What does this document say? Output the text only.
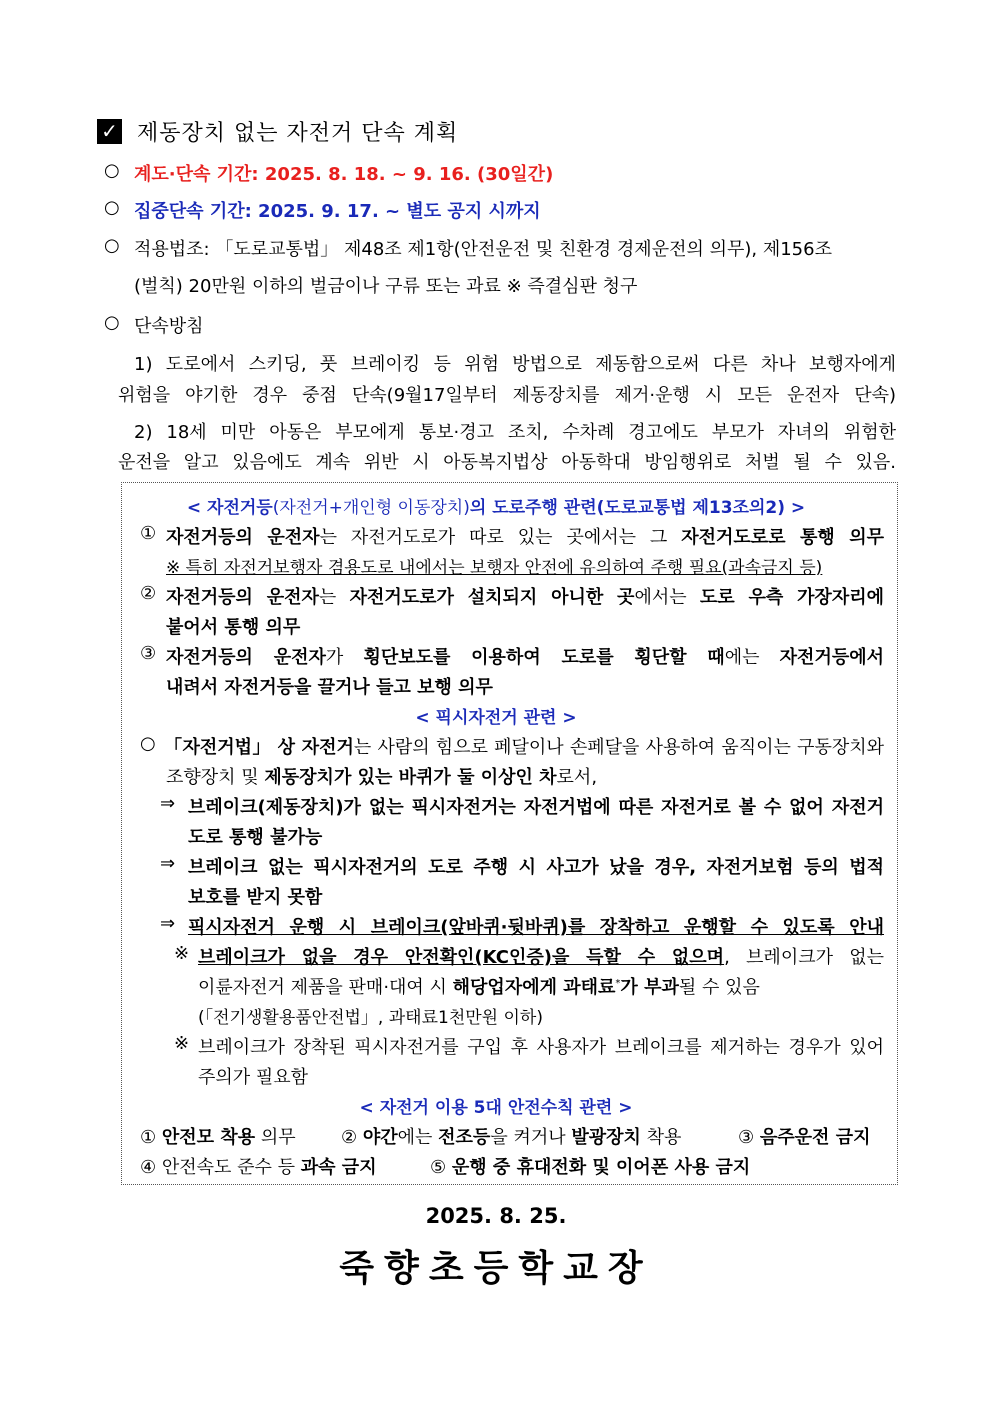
✓ 제동장치 없는 자전거 단속 계획
○ 계도·단속 기간: 2025. 8. 18. ~ 9. 16. (30일간)
○ 집중단속 기간: 2025. 9. 17. ~ 별도 공지 시까지
○ 적용법조: 「도로교통법」 제48조 제1항(안전운전 및 친환경 경제운전의 의무), 제156조
(벌칙) 20만원 이하의 벌금이나 구류 또는 과료 ※ 즉결심판 청구
○ 단속방침
1) 도로에서 스키딩, 풋 브레이킹 등 위험 방법으로 제동함으로써 다른 차나 보행자에게
위험을 야기한 경우 중점 단속(9월17일부터 제동장치를 제거·운행 시 모든 운전자 단속)
2) 18세 미만 아동은 부모에게 통보·경고 조치, 수차례 경고에도 부모가 자녀의 위험한
운전을 알고 있음에도 계속 위반 시 아동복지법상 아동학대 방임행위로 처벌 될 수 있음.
< 자전거등(자전거+개인형 이동장치)의 도로주행 관련(도로교통법 제13조의2) >
① 자전거등의 운전자는 자전거도로가 따로 있는 곳에서는 그 자전거도로로 통행 의무
※ 특히 자전거보행자 겸용도로 내에서는 보행자 안전에 유의하여 주행 필요(과속금지 등)
② 자전거등의 운전자는 자전거도로가 설치되지 아니한 곳에서는 도로 우측 가장자리에
붙어서 통행 의무
③ 자전거등의 운전자가 횡단보도를 이용하여 도로를 횡단할 때에는 자전거등에서
내려서 자전거등을 끌거나 들고 보행 의무
< 픽시자전거 관련 >
○ 「자전거법」 상 자전거는 사람의 힘으로 페달이나 손페달을 사용하여 움직이는 구동장치와
조향장치 및 제동장치가 있는 바퀴가 둘 이상인 차로서,
⇒ 브레이크(제동장치)가 없는 픽시자전거는 자전거법에 따른 자전거로 볼 수 없어 자전거
도로 통행 불가능
⇒ 브레이크 없는 픽시자전거의 도로 주행 시 사고가 났을 경우, 자전거보험 등의 법적
보호를 받지 못함
⇒ 픽시자전거 운행 시 브레이크(앞바퀴·뒷바퀴)를 장착하고 운행할 수 있도록 안내
※ 브레이크가 없을 경우 안전확인(KC인증)을 득할 수 없으며, 브레이크가 없는
이륜자전거 제품을 판매·대여 시 해당업자에게 과태료*가 부과될 수 있음
(「전기생활용품안전법」, 과태료1천만원 이하)
※ 브레이크가 장착된 픽시자전거를 구입 후 사용자가 브레이크를 제거하는 경우가 있어
주의가 필요함
< 자전거 이용 5대 안전수칙 관련 >
① 안전모 착용 의무	② 야간에는 전조등을 켜거나 발광장치 착용	③ 음주운전 금지
④ 안전속도 준수 등 과속 금지	⑤ 운행 중 휴대전화 및 이어폰 사용 금지
2025. 8. 25.
죽향초등학교장
